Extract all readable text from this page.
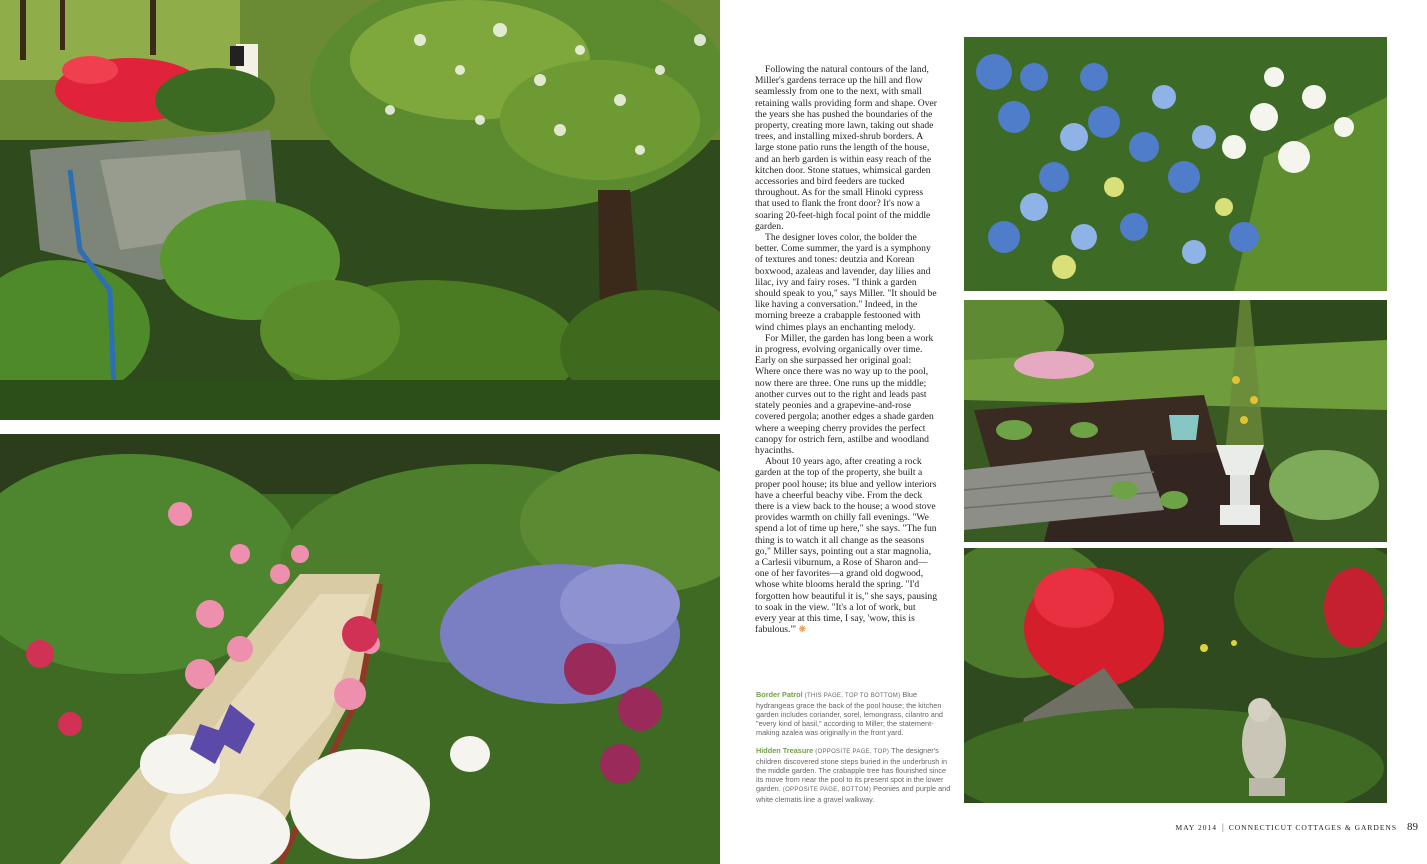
Following the natural contours of the land, Miller's gardens terrace up the hill and flow seamlessly from one to the next, with small retaining walls providing form and shape. Over the years she has pushed the boundaries of the property, creating more lawn, taking out shade trees, and installing mixed-shrub borders. A large stone patio runs the length of the house, and an herb garden is within easy reach of the kitchen door. Stone statues, whimsical garden accessories and bird feeders are tucked throughout. As for the small Hinoki cypress that used to flank the front door? It's now a soaring 20-feet-high focal point of the middle garden.

The designer loves color, the bolder the better. Come summer, the yard is a symphony of textures and tones: deutzia and Korean boxwood, azaleas and lavender, day lilies and lilac, ivy and fairy roses. "I think a garden should speak to you," says Miller. "It should be like having a conversation." Indeed, in the morning breeze a crabapple festooned with wind chimes plays an enchanting melody.

For Miller, the garden has long been a work in progress, evolving organically over time. Early on she surpassed her original goal: Where once there was no way up to the pool, now there are three. One runs up the middle; another curves out to the right and leads past stately peonies and a grapevine-and-rose covered pergola; another edges a shade garden where a weeping cherry provides the perfect canopy for ostrich fern, astilbe and woodland hyacinths.

About 10 years ago, after creating a rock garden at the top of the property, she built a proper pool house; its blue and yellow interiors have a cheerful beachy vibe. From the deck there is a view back to the house; a wood stove provides warmth on chilly fall evenings. "We spend a lot of time up here," she says. "The fun thing is to watch it all change as the seasons go," Miller says, pointing out a star magnolia, a Carlesii viburnum, a Rose of Sharon and—one of her favorites—a grand old dogwood, whose white blooms herald the spring. "I'd forgotten how beautiful it is," she says, pausing to soak in the view. "It's a lot of work, but every year at this time, I say, 'wow, this is fabulous.'" ❋

Border Patrol (THIS PAGE, TOP TO BOTTOM) Blue hydrangeas grace the back of the pool house; the kitchen garden includes coriander, sorel, lemongrass, cilantro and "every kind of basil," according to Miller; the statement-making azalea was originally in the front yard.
Hidden Treasure (OPPOSITE PAGE, TOP) The designer's children discovered stone steps buried in the underbrush in the middle garden. The crabapple tree has flourished since its move from near the pool to its present spot in the lower garden. (OPPOSITE PAGE, BOTTOM) Peonies and purple and white clematis line a gravel walkway.
MAY 2014 | CONNECTICUT COTTAGES & GARDENS 89
